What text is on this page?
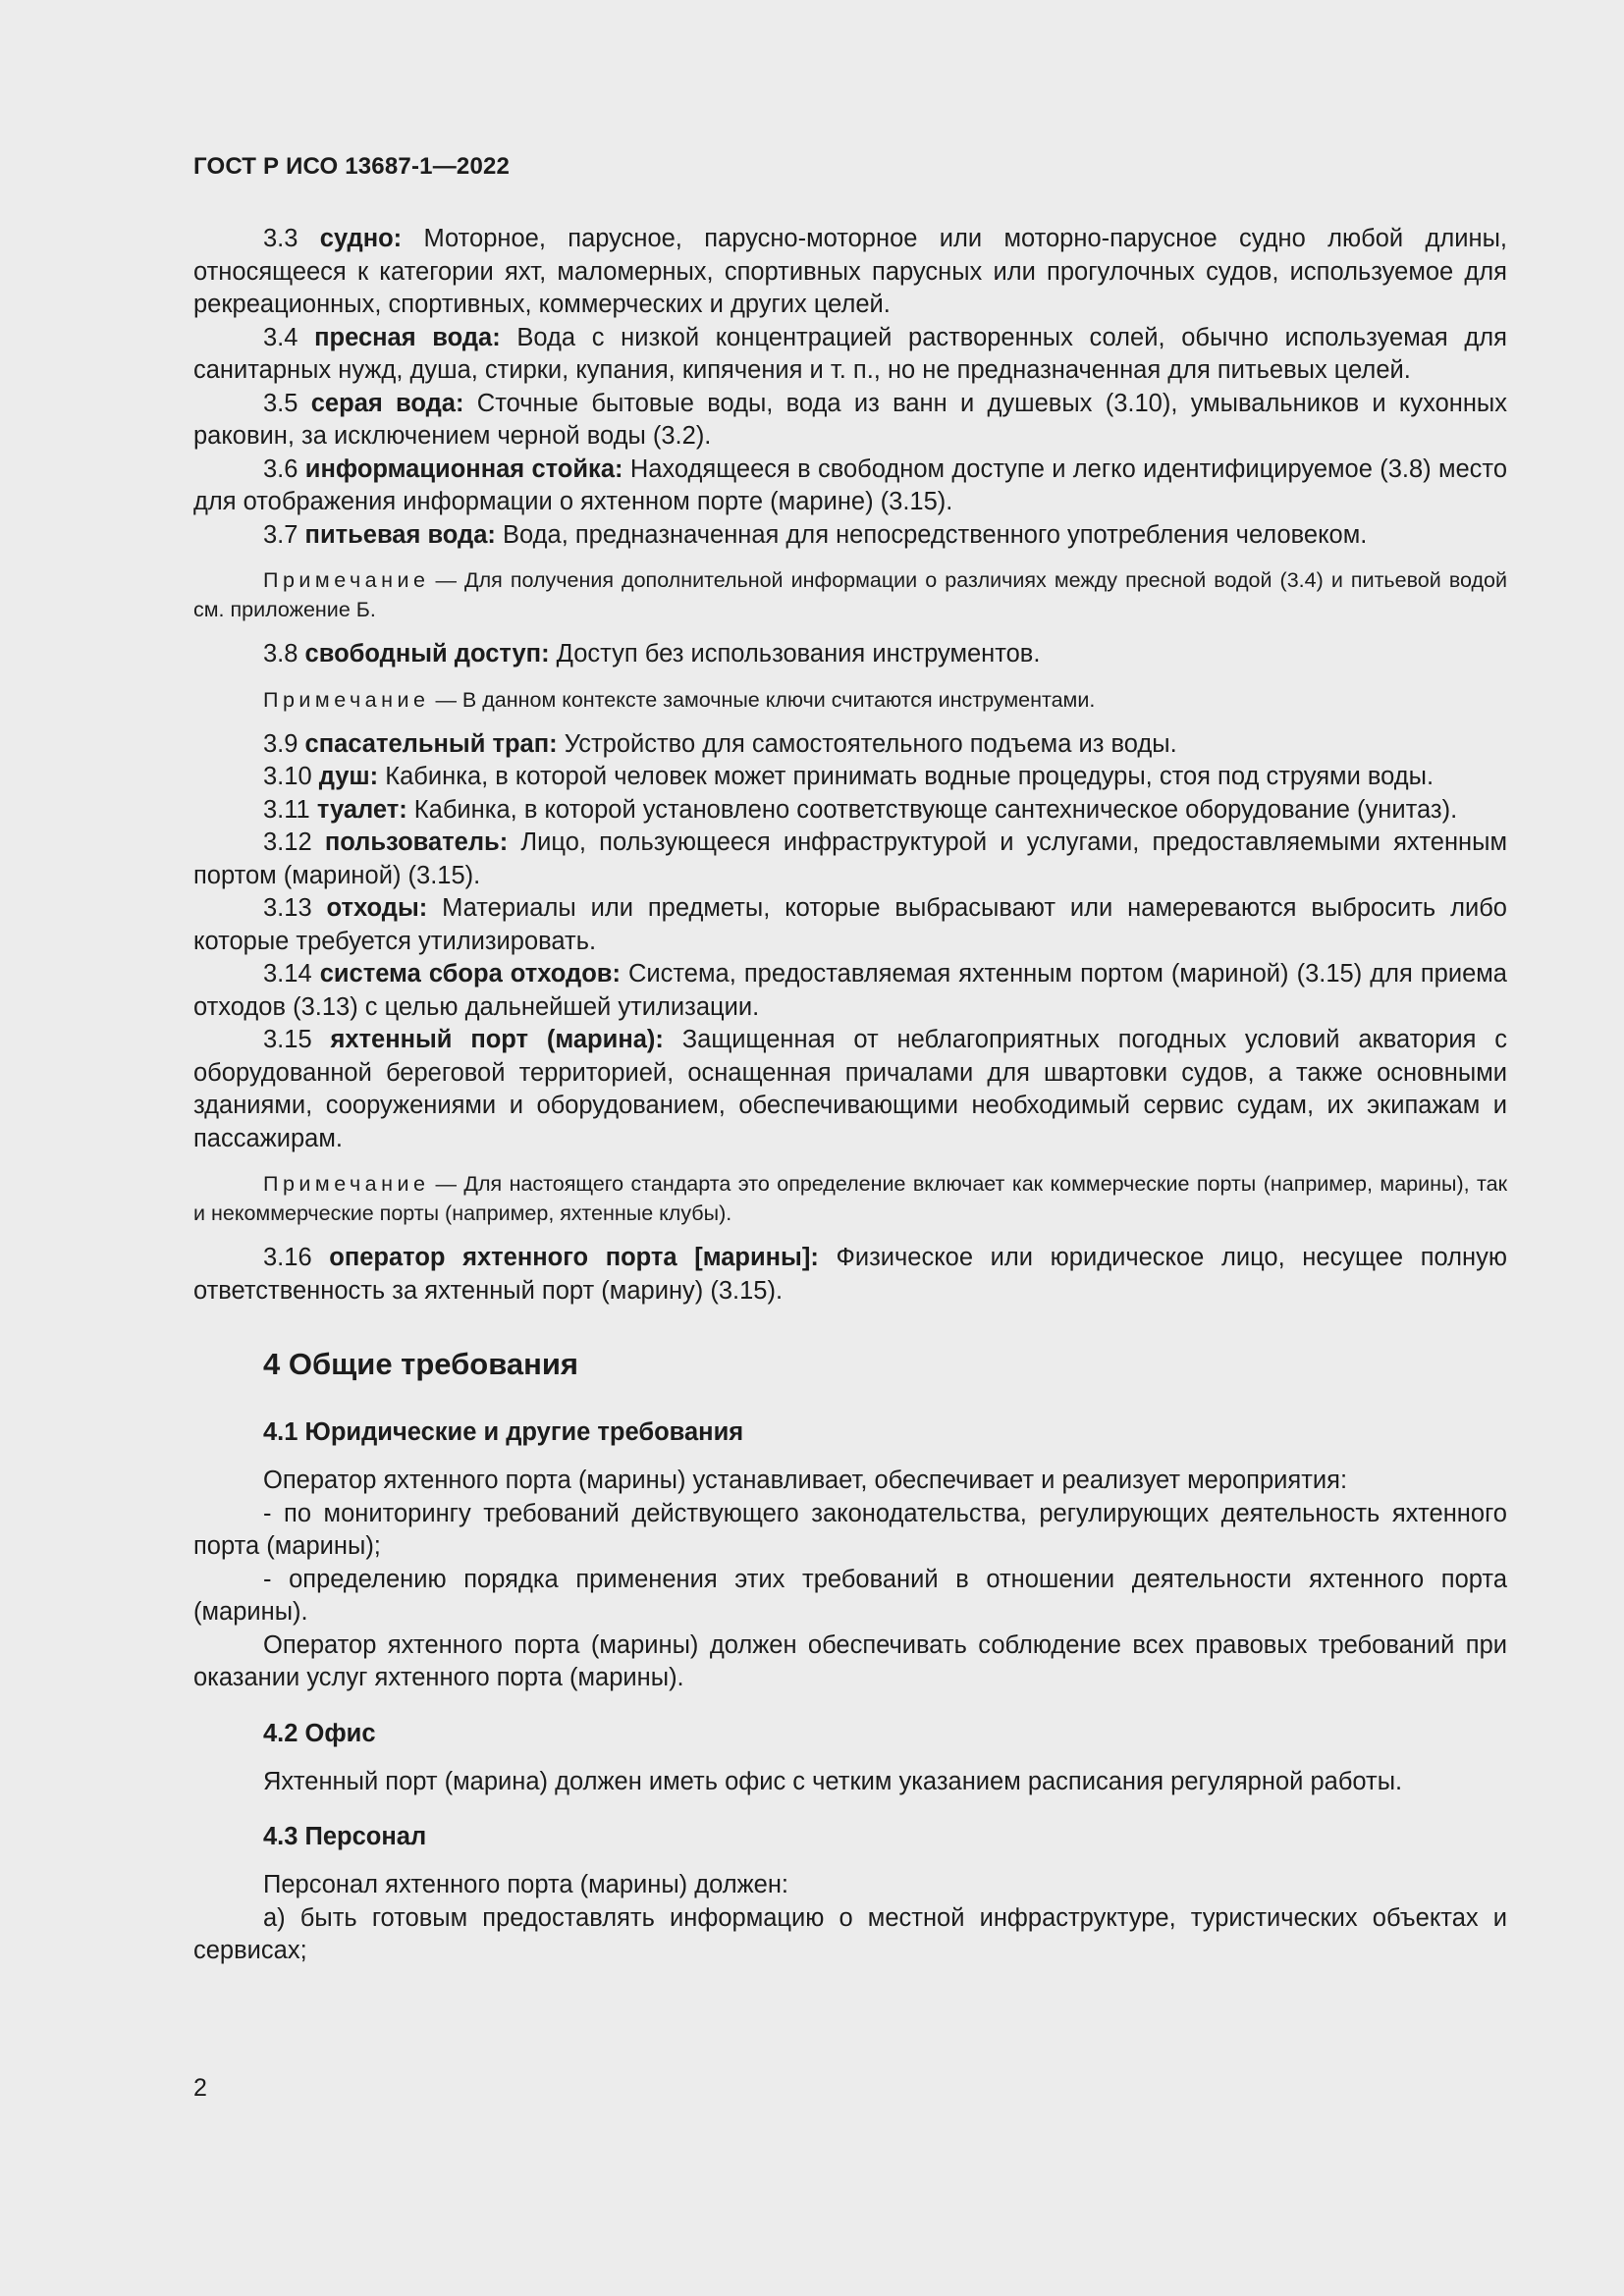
ГОСТ Р ИСО 13687-1—2022

3.3 судно: Моторное, парусное, парусно-моторное или моторно-парусное судно любой длины, относящееся к категории яхт, маломерных, спортивных парусных или прогулочных судов, используемое для рекреационных, спортивных, коммерческих и других целей.

3.4 пресная вода: Вода с низкой концентрацией растворенных солей, обычно используемая для санитарных нужд, душа, стирки, купания, кипячения и т. п., но не предназначенная для питьевых целей.

3.5 серая вода: Сточные бытовые воды, вода из ванн и душевых (3.10), умывальников и кухонных раковин, за исключением черной воды (3.2).

3.6 информационная стойка: Находящееся в свободном доступе и легко идентифицируемое (3.8) место для отображения информации о яхтенном порте (марине) (3.15).

3.7 питьевая вода: Вода, предназначенная для непосредственного употребления человеком.

Примечание — Для получения дополнительной информации о различиях между пресной водой (3.4) и питьевой водой см. приложение Б.

3.8 свободный доступ: Доступ без использования инструментов.

Примечание — В данном контексте замочные ключи считаются инструментами.

3.9 спасательный трап: Устройство для самостоятельного подъема из воды.

3.10 душ: Кабинка, в которой человек может принимать водные процедуры, стоя под струями воды.

3.11 туалет: Кабинка, в которой установлено соответствующе сантехническое оборудование (унитаз).

3.12 пользователь: Лицо, пользующееся инфраструктурой и услугами, предоставляемыми яхтенным портом (мариной) (3.15).

3.13 отходы: Материалы или предметы, которые выбрасывают или намереваются выбросить либо которые требуется утилизировать.

3.14 система сбора отходов: Система, предоставляемая яхтенным портом (мариной) (3.15) для приема отходов (3.13) с целью дальнейшей утилизации.

3.15 яхтенный порт (марина): Защищенная от неблагоприятных погодных условий акватория с оборудованной береговой территорией, оснащенная причалами для швартовки судов, а также основными зданиями, сооружениями и оборудованием, обеспечивающими необходимый сервис судам, их экипажам и пассажирам.

Примечание — Для настоящего стандарта это определение включает как коммерческие порты (например, марины), так и некоммерческие порты (например, яхтенные клубы).

3.16 оператор яхтенного порта [марины]: Физическое или юридическое лицо, несущее полную ответственность за яхтенный порт (марину) (3.15).

4 Общие требования
4.1 Юридические и другие требования

Оператор яхтенного порта (марины) устанавливает, обеспечивает и реализует мероприятия:

- по мониторингу требований действующего законодательства, регулирующих деятельность яхтенного порта (марины);

- определению порядка применения этих требований в отношении деятельности яхтенного порта (марины).

Оператор яхтенного порта (марины) должен обеспечивать соблюдение всех правовых требований при оказании услуг яхтенного порта (марины).

4.2 Офис

Яхтенный порт (марина) должен иметь офис с четким указанием расписания регулярной работы.

4.3 Персонал

Персонал яхтенного порта (марины) должен:

а) быть готовым предоставлять информацию о местной инфраструктуре, туристических объектах и сервисах;

2
